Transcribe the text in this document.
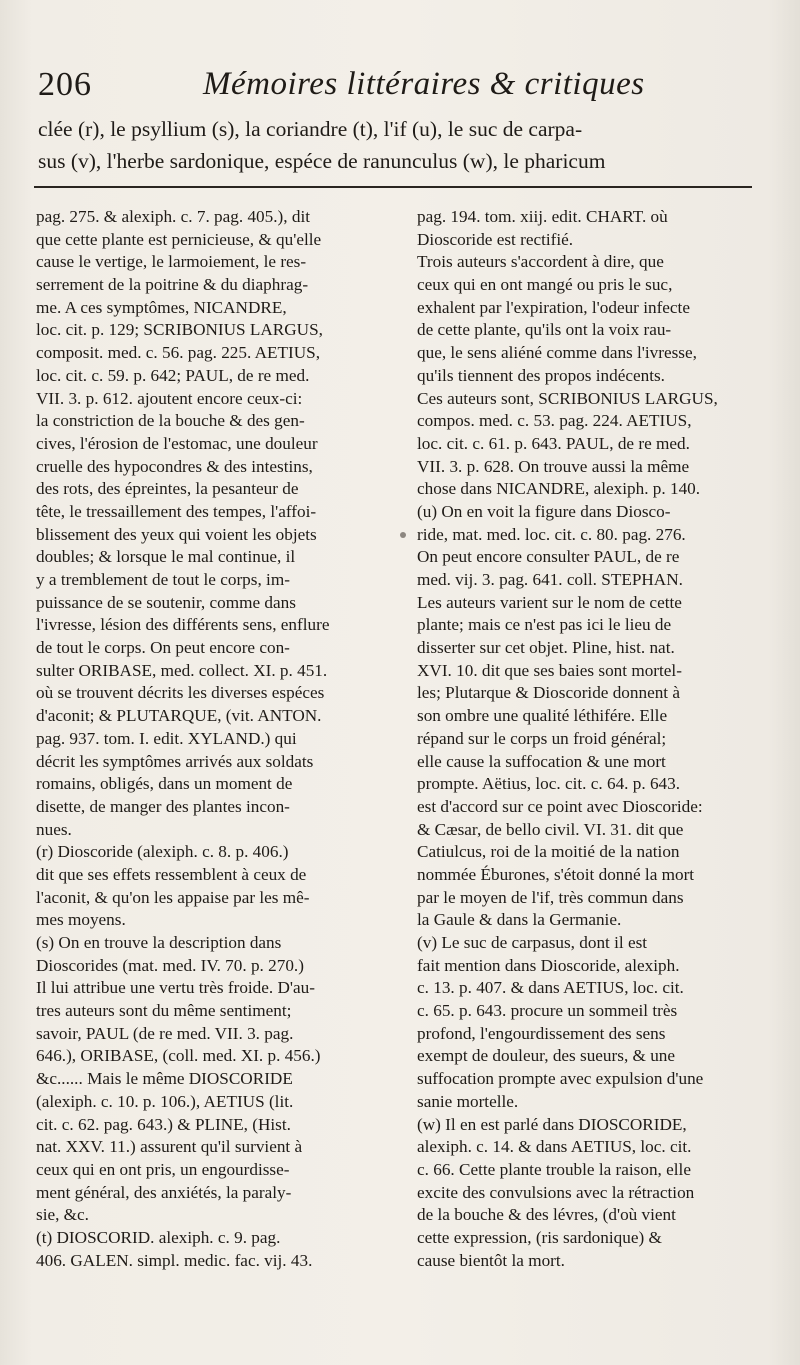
206	Mémoires littéraires & critiques
clée (r), le psyllium (s), la coriandre (t), l'if (u), le suc de carpa-
sus (v), l'herbe sardonique, espéce de ranunculus (w), le pharicum
pag. 275. & alexiph. c. 7. pag. 405.), dit
que cette plante est pernicieuse, & qu'elle
cause le vertige, le larmoiement, le res-
serrement de la poitrine & du diaphrag-
me. A ces symptômes, NICANDRE,
loc. cit. p. 129; SCRIBONIUS LARGUS,
composit. med. c. 56. pag. 225. AETIUS,
loc. cit. c. 59. p. 642; PAUL, de re med.
VII. 3. p. 612. ajoutent encore ceux-ci:
la constriction de la bouche & des gen-
cives, l'érosion de l'estomac, une douleur
cruelle des hypocondres & des intestins,
des rots, des épreintes, la pesanteur de
tête, le tressaillement des tempes, l'affoi-
blissement des yeux qui voient les objets
doubles; & lorsque le mal continue, il
y a tremblement de tout le corps, im-
puissance de se soutenir, comme dans
l'ivresse, lésion des différents sens, enflure
de tout le corps. On peut encore con-
sulter ORIBASE, med. collect. XI. p. 451.
où se trouvent décrits les diverses espéces
d'aconit; & PLUTARQUE, (vit. ANTON.
pag. 937. tom. I. edit. XYLAND.) qui
décrit les symptômes arrivés aux soldats
romains, obligés, dans un moment de
disette, de manger des plantes incon-
nues.
(r) Dioscoride (alexiph. c. 8. p. 406.)
dit que ses effets ressemblent à ceux de
l'aconit, & qu'on les appaise par les mê-
mes moyens.
(s) On en trouve la description dans
Dioscorides (mat. med. IV. 70. p. 270.)
Il lui attribue une vertu très froide. D'au-
tres auteurs sont du même sentiment;
savoir, PAUL (de re med. VII. 3. pag.
646.), ORIBASE, (coll. med. XI. p. 456.)
&c...... Mais le même DIOSCORIDE
(alexiph. c. 10. p. 106.), AETIUS (lit.
cit. c. 62. pag. 643.) & PLINE, (Hist.
nat. XXV. 11.) assurent qu'il survient à
ceux qui en ont pris, un engourdisse-
ment général, des anxiétés, la paraly-
sie, &c.
(t) DIOSCORID. alexiph. c. 9. pag.
406. GALEN. simpl. medic. fac. vij. 43.
pag. 194. tom. xiij. edit. CHART. où
Dioscoride est rectifié.
Trois auteurs s'accordent à dire, que
ceux qui en ont mangé ou pris le suc,
exhalent par l'expiration, l'odeur infecte
de cette plante, qu'ils ont la voix rau-
que, le sens aliéné comme dans l'ivresse,
qu'ils tiennent des propos indécents.
Ces auteurs sont, SCRIBONIUS LARGUS,
compos. med. c. 53. pag. 224. AETIUS,
loc. cit. c. 61. p. 643. PAUL, de re med.
VII. 3. p. 628. On trouve aussi la même
chose dans NICANDRE, alexiph. p. 140.
(u) On en voit la figure dans Diosco-
ride, mat. med. loc. cit. c. 80. pag. 276.
On peut encore consulter PAUL, de re
med. vij. 3. pag. 641. coll. STEPHAN.
Les auteurs varient sur le nom de cette
plante; mais ce n'est pas ici le lieu de
disserter sur cet objet. Pline, hist. nat.
XVI. 10. dit que ses baies sont mortel-
les; Plutarque & Dioscoride donnent à
son ombre une qualité léthifére. Elle
répand sur le corps un froid général;
elle cause la suffocation & une mort
prompte. Aëtius, loc. cit. c. 64. p. 643.
est d'accord sur ce point avec Dioscoride:
& Cæsar, de bello civil. VI. 31. dit que
Catiulcus, roi de la moitié de la nation
nommée Éburones, s'étoit donné la mort
par le moyen de l'if, très commun dans
la Gaule & dans la Germanie.
(v) Le suc de carpasus, dont il est
fait mention dans Dioscoride, alexiph.
c. 13. p. 407. & dans AETIUS, loc. cit.
c. 65. p. 643. procure un sommeil très
profond, l'engourdissement des sens
exempt de douleur, des sueurs, & une
suffocation prompte avec expulsion d'une
sanie mortelle.
(w) Il en est parlé dans DIOSCORIDE,
alexiph. c. 14. & dans AETIUS, loc. cit.
c. 66. Cette plante trouble la raison, elle
excite des convulsions avec la rétraction
de la bouche & des lévres, (d'où vient
cette expression, (ris sardonique) &
cause bientôt la mort.
